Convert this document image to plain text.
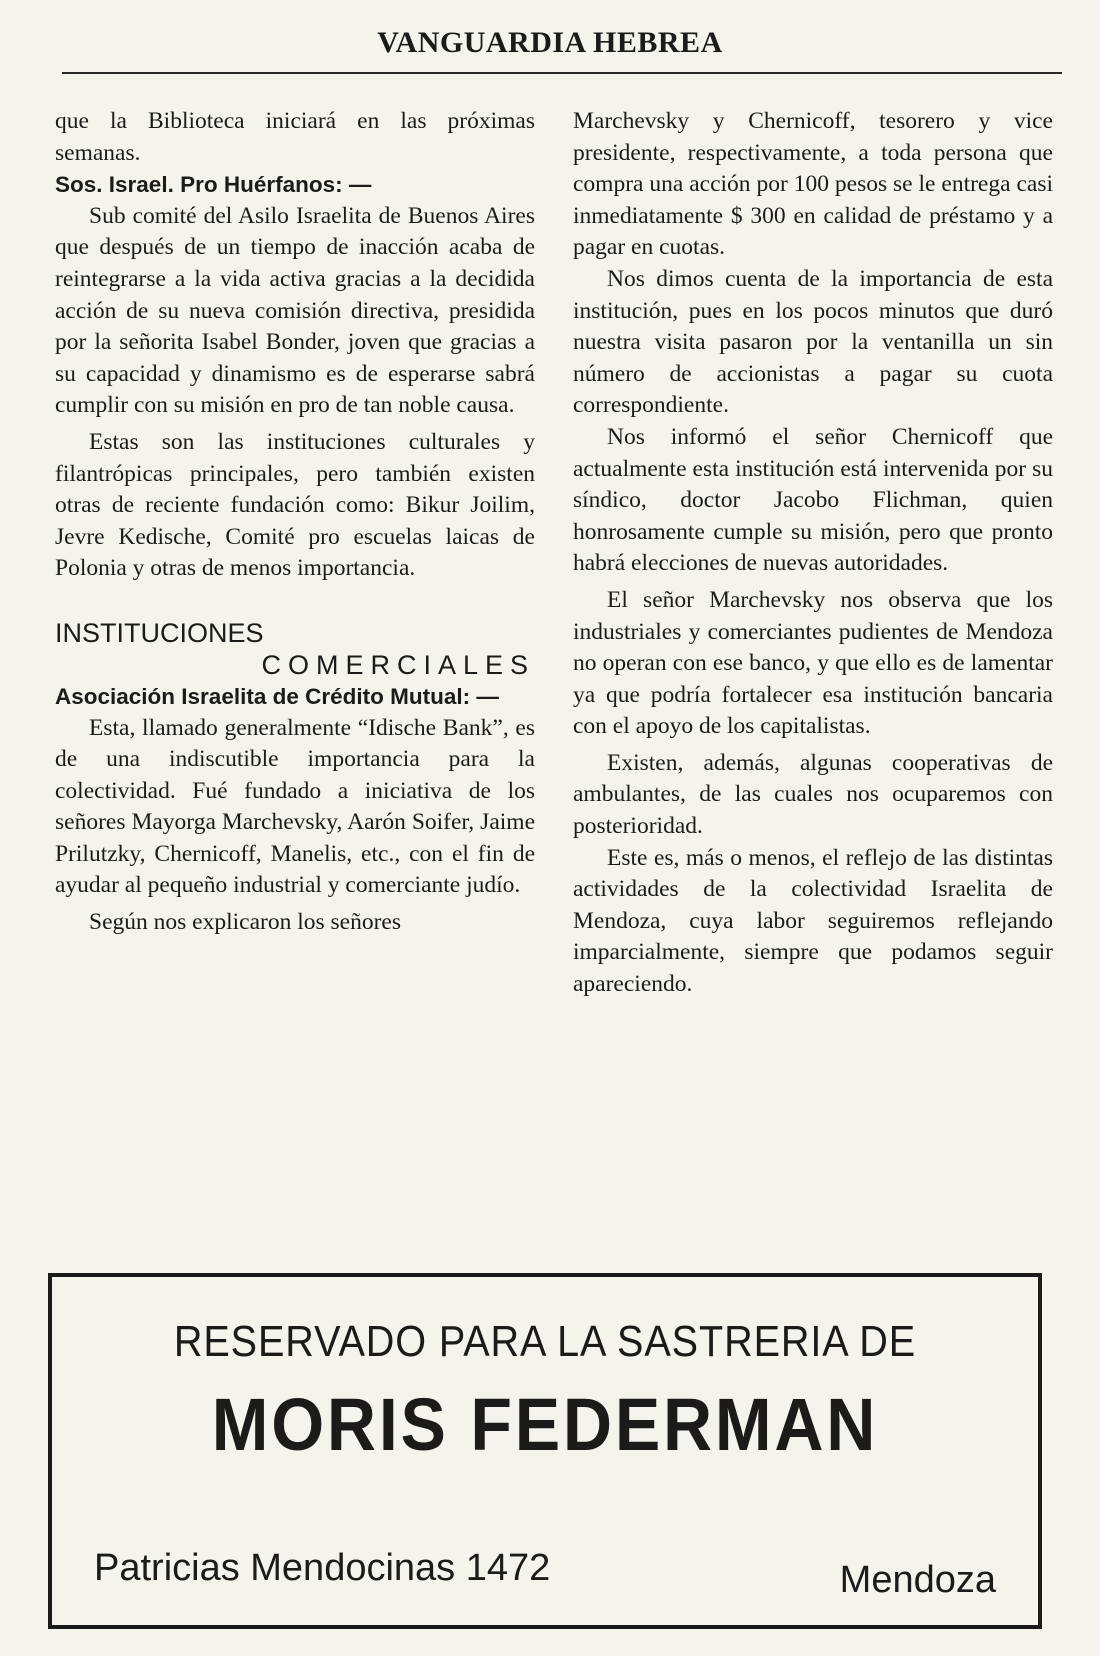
VANGUARDIA HEBREA

que la Biblioteca iniciará en las próximas semanas.

Sos. Israel. Pro Huérfanos: —

Sub comité del Asilo Israelita de Buenos Aires que después de un tiempo de inacción acaba de reintegrarse a la vida activa gracias a la decidida acción de su nueva comisión directiva, presidida por la señorita Isabel Bonder, joven que gracias a su capacidad y dinamismo es de esperarse sabrá cumplir con su misión en pro de tan noble causa.

Estas son las instituciones culturales y filantrópicas principales, pero también existen otras de reciente fundación como: Bikur Joilim, Jevre Kedische, Comité pro escuelas laicas de Polonia y otras de menos importancia.

INSTITUCIONES
COMERCIALES
Asociación Israelita de Crédito Mutual: —

Esta, llamado generalmente “Idische Bank”, es de una indiscutible importancia para la colectividad. Fué fundado a iniciativa de los señores Mayorga Marchevsky, Aarón Soifer, Jaime Prilutzky, Chernicoff, Manelis, etc., con el fin de ayudar al pequeño industrial y comerciante judío.

Según nos explicaron los señores

Marchevsky y Chernicoff, tesorero y vice presidente, respectivamente, a toda persona que compra una acción por 100 pesos se le entrega casi inmediatamente $ 300 en calidad de préstamo y a pagar en cuotas.

Nos dimos cuenta de la importancia de esta institución, pues en los pocos minutos que duró nuestra visita pasaron por la ventanilla un sin número de accionistas a pagar su cuota correspondiente.

Nos informó el señor Chernicoff que actualmente esta institución está intervenida por su síndico, doctor Jacobo Flichman, quien honrosamente cumple su misión, pero que pronto habrá elecciones de nuevas autoridades.

El señor Marchevsky nos observa que los industriales y comerciantes pudientes de Mendoza no operan con ese banco, y que ello es de lamentar ya que podría fortalecer esa institución bancaria con el apoyo de los capitalistas.

Existen, además, algunas cooperativas de ambulantes, de las cuales nos ocuparemos con posterioridad.

Este es, más o menos, el reflejo de las distintas actividades de la colectividad Israelita de Mendoza, cuya labor seguiremos reflejando imparcialmente, siempre que podamos seguir apareciendo.

RESERVADO PARA LA SASTRERIA DE
MORIS FEDERMAN
Patricias Mendocinas 1472	Mendoza
